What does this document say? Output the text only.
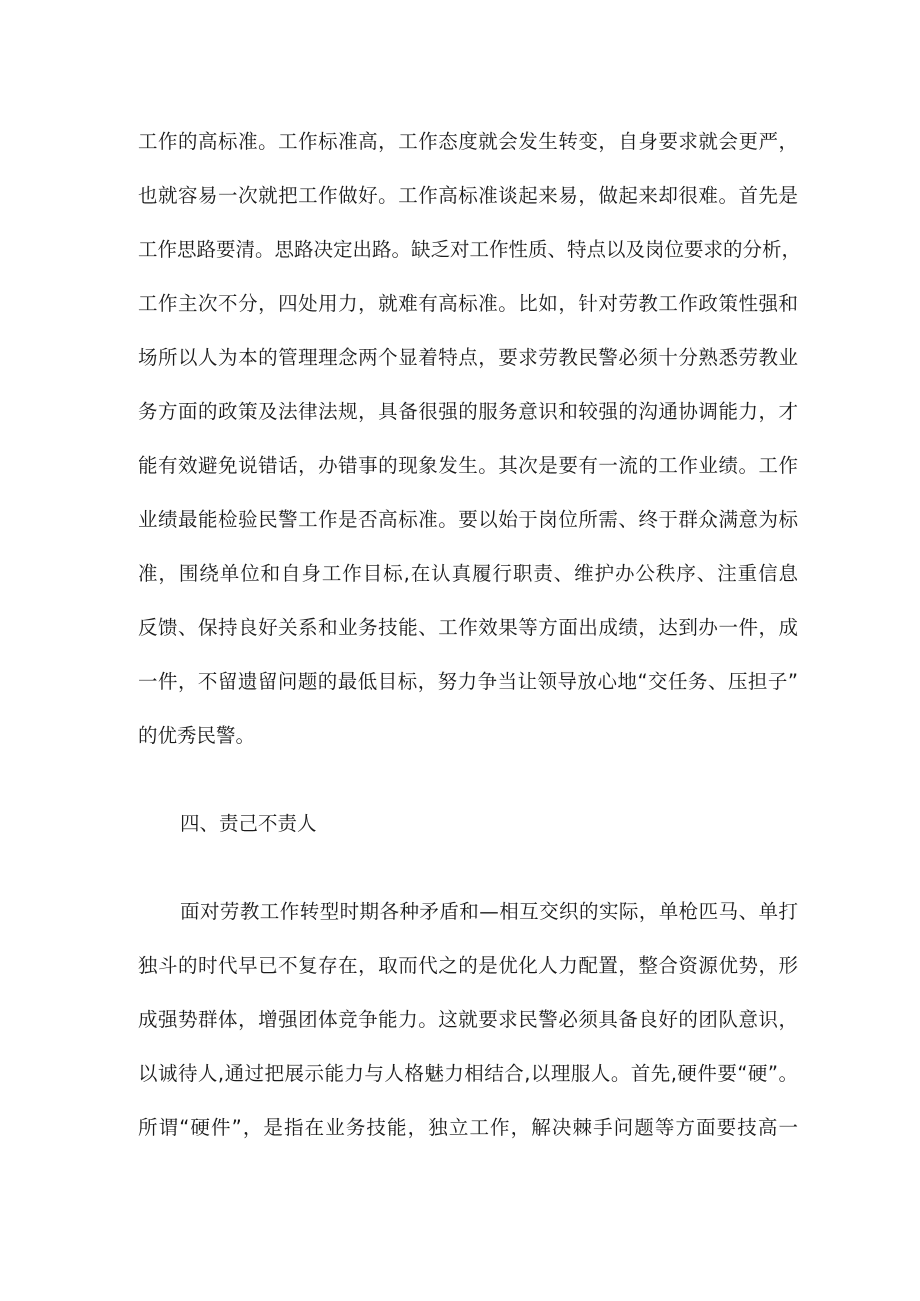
工作的高标准。工作标准高，工作态度就会发生转变，自身要求就会更严，
也就容易一次就把工作做好。工作高标准谈起来易，做起来却很难。首先是
工作思路要清。思路决定出路。缺乏对工作性质、特点以及岗位要求的分析，
工作主次不分，四处用力，就难有高标准。比如，针对劳教工作政策性强和
场所以人为本的管理理念两个显着特点，要求劳教民警必须十分熟悉劳教业
务方面的政策及法律法规，具备很强的服务意识和较强的沟通协调能力，才
能有效避免说错话，办错事的现象发生。其次是要有一流的工作业绩。工作
业绩最能检验民警工作是否高标准。要以始于岗位所需、终于群众满意为标
准，围绕单位和自身工作目标,在认真履行职责、维护办公秩序、注重信息
反馈、保持良好关系和业务技能、工作效果等方面出成绩，达到办一件，成
一件，不留遗留问题的最低目标，努力争当让领导放心地“交任务、压担子”
的优秀民警。
四、责己不责人
面对劳教工作转型时期各种矛盾和—相互交织的实际，单枪匹马、单打
独斗的时代早已不复存在，取而代之的是优化人力配置，整合资源优势，形
成强势群体，增强团体竞争能力。这就要求民警必须具备良好的团队意识，
以诚待人,通过把展示能力与人格魅力相结合,以理服人。首先,硬件要“硬”。
所谓“硬件”，是指在业务技能，独立工作，解决棘手问题等方面要技高一
